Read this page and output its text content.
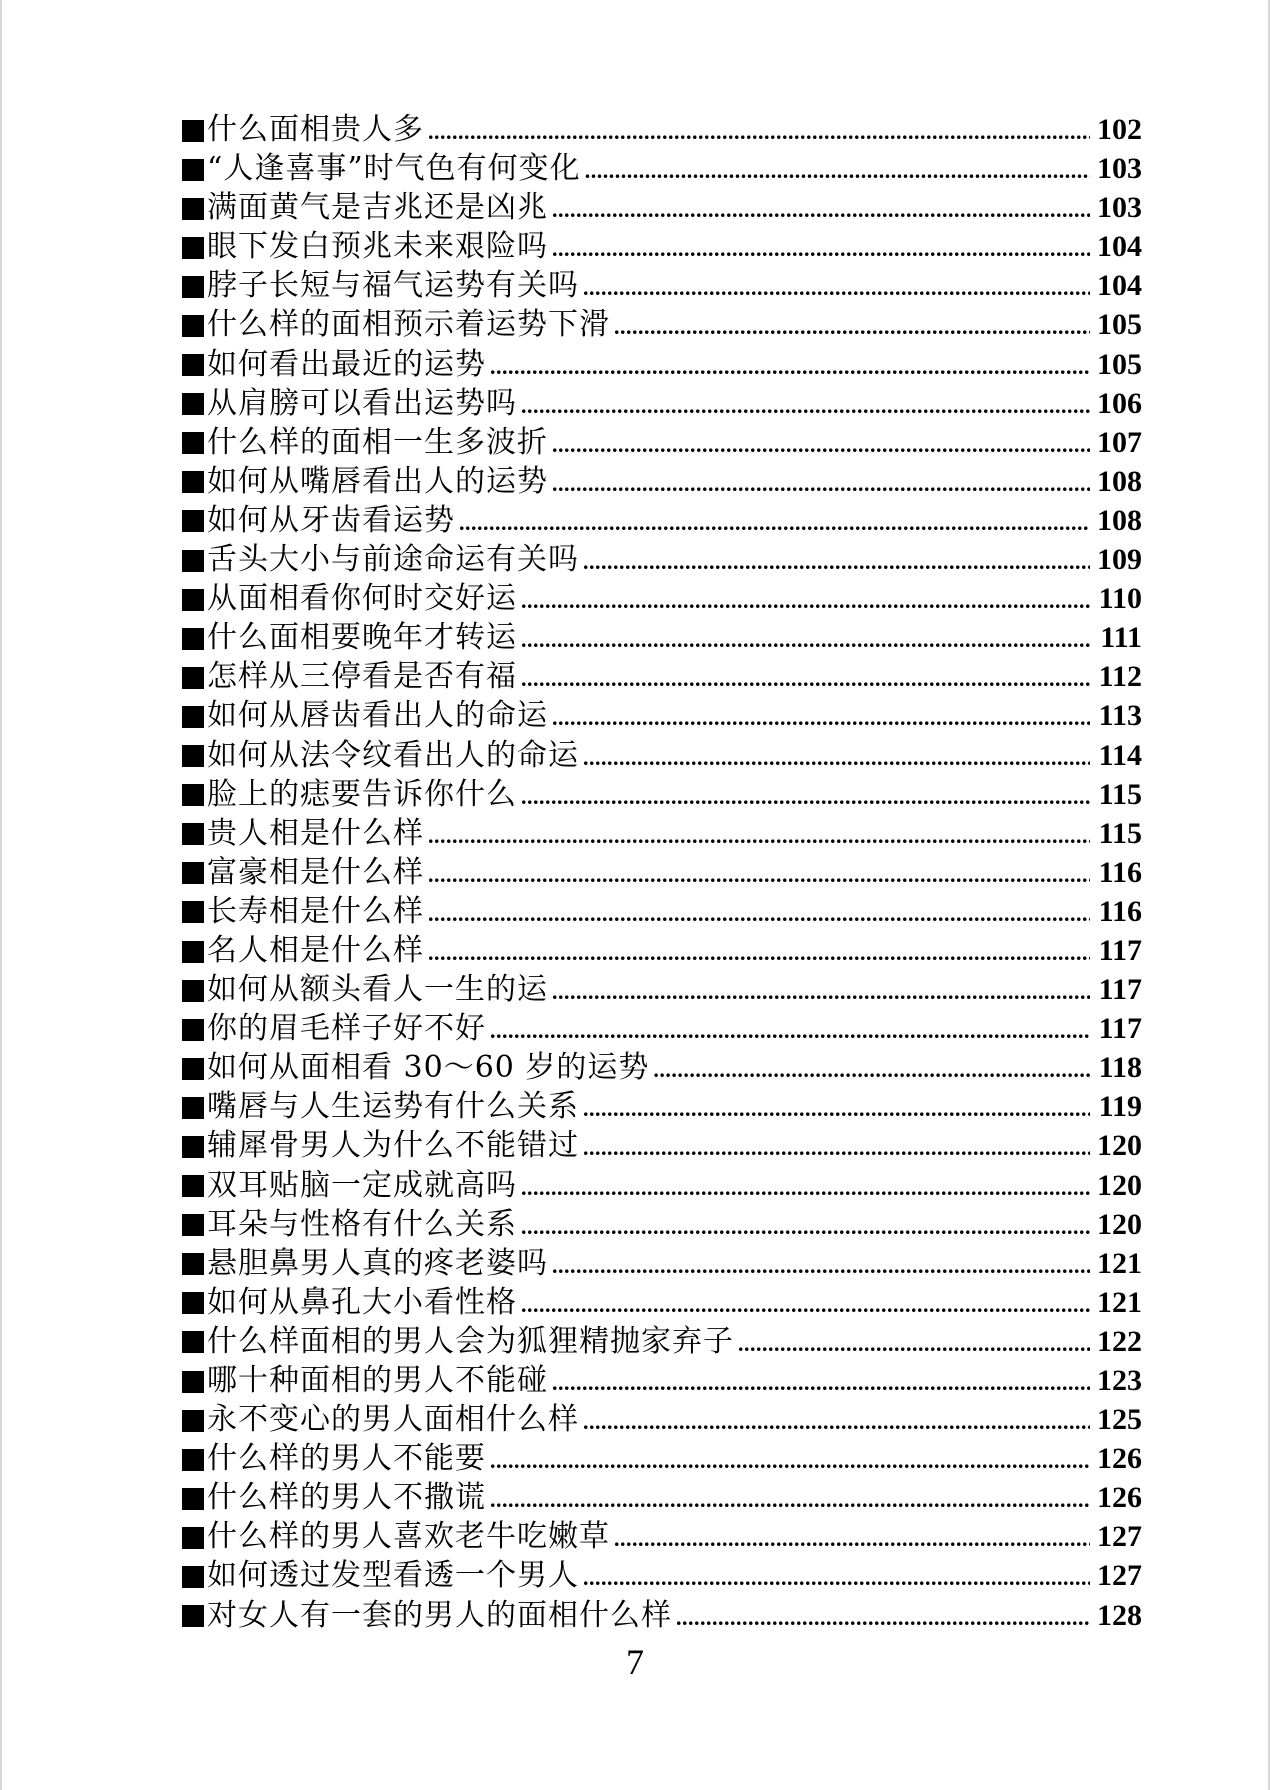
什么面相贵人多 .....	102
“人逢喜事”时气色有何变化 .....	103
满面黄气是吉兆还是凶兆 .....	103
眼下发白预兆未来艰险吗 .....	104
脖子长短与福气运势有关吗 .....	104
什么样的面相预示着运势下滑 .....	105
如何看出最近的运势 .....	105
从肩膀可以看出运势吗 .....	106
什么样的面相一生多波折 .....	107
如何从嘴唇看出人的运势 .....	108
如何从牙齿看运势 .....	108
舌头大小与前途命运有关吗 .....	109
从面相看你何时交好运 .....	110
什么面相要晚年才转运 .....	111
怎样从三停看是否有福 .....	112
如何从唇齿看出人的命运 .....	113
如何从法令纹看出人的命运 .....	114
脸上的痣要告诉你什么 .....	115
贵人相是什么样 .....	115
富豪相是什么样 .....	116
长寿相是什么样 .....	116
名人相是什么样 .....	117
如何从额头看人一生的运 .....	117
你的眉毛样子好不好 .....	117
如何从面相看 30～60 岁的运势 .....	118
嘴唇与人生运势有什么关系 .....	119
辅犀骨男人为什么不能错过 .....	120
双耳贴脑一定成就高吗 .....	120
耳朵与性格有什么关系 .....	120
悬胆鼻男人真的疼老婆吗 .....	121
如何从鼻孔大小看性格 .....	121
什么样面相的男人会为狐狸精抛家弃子 .....	122
哪十种面相的男人不能碰 .....	123
永不变心的男人面相什么样 .....	125
什么样的男人不能要 .....	126
什么样的男人不撒谎 .....	126
什么样的男人喜欢老牛吃嫩草 .....	127
如何透过发型看透一个男人 .....	127
对女人有一套的男人的面相什么样 .....	128
7
